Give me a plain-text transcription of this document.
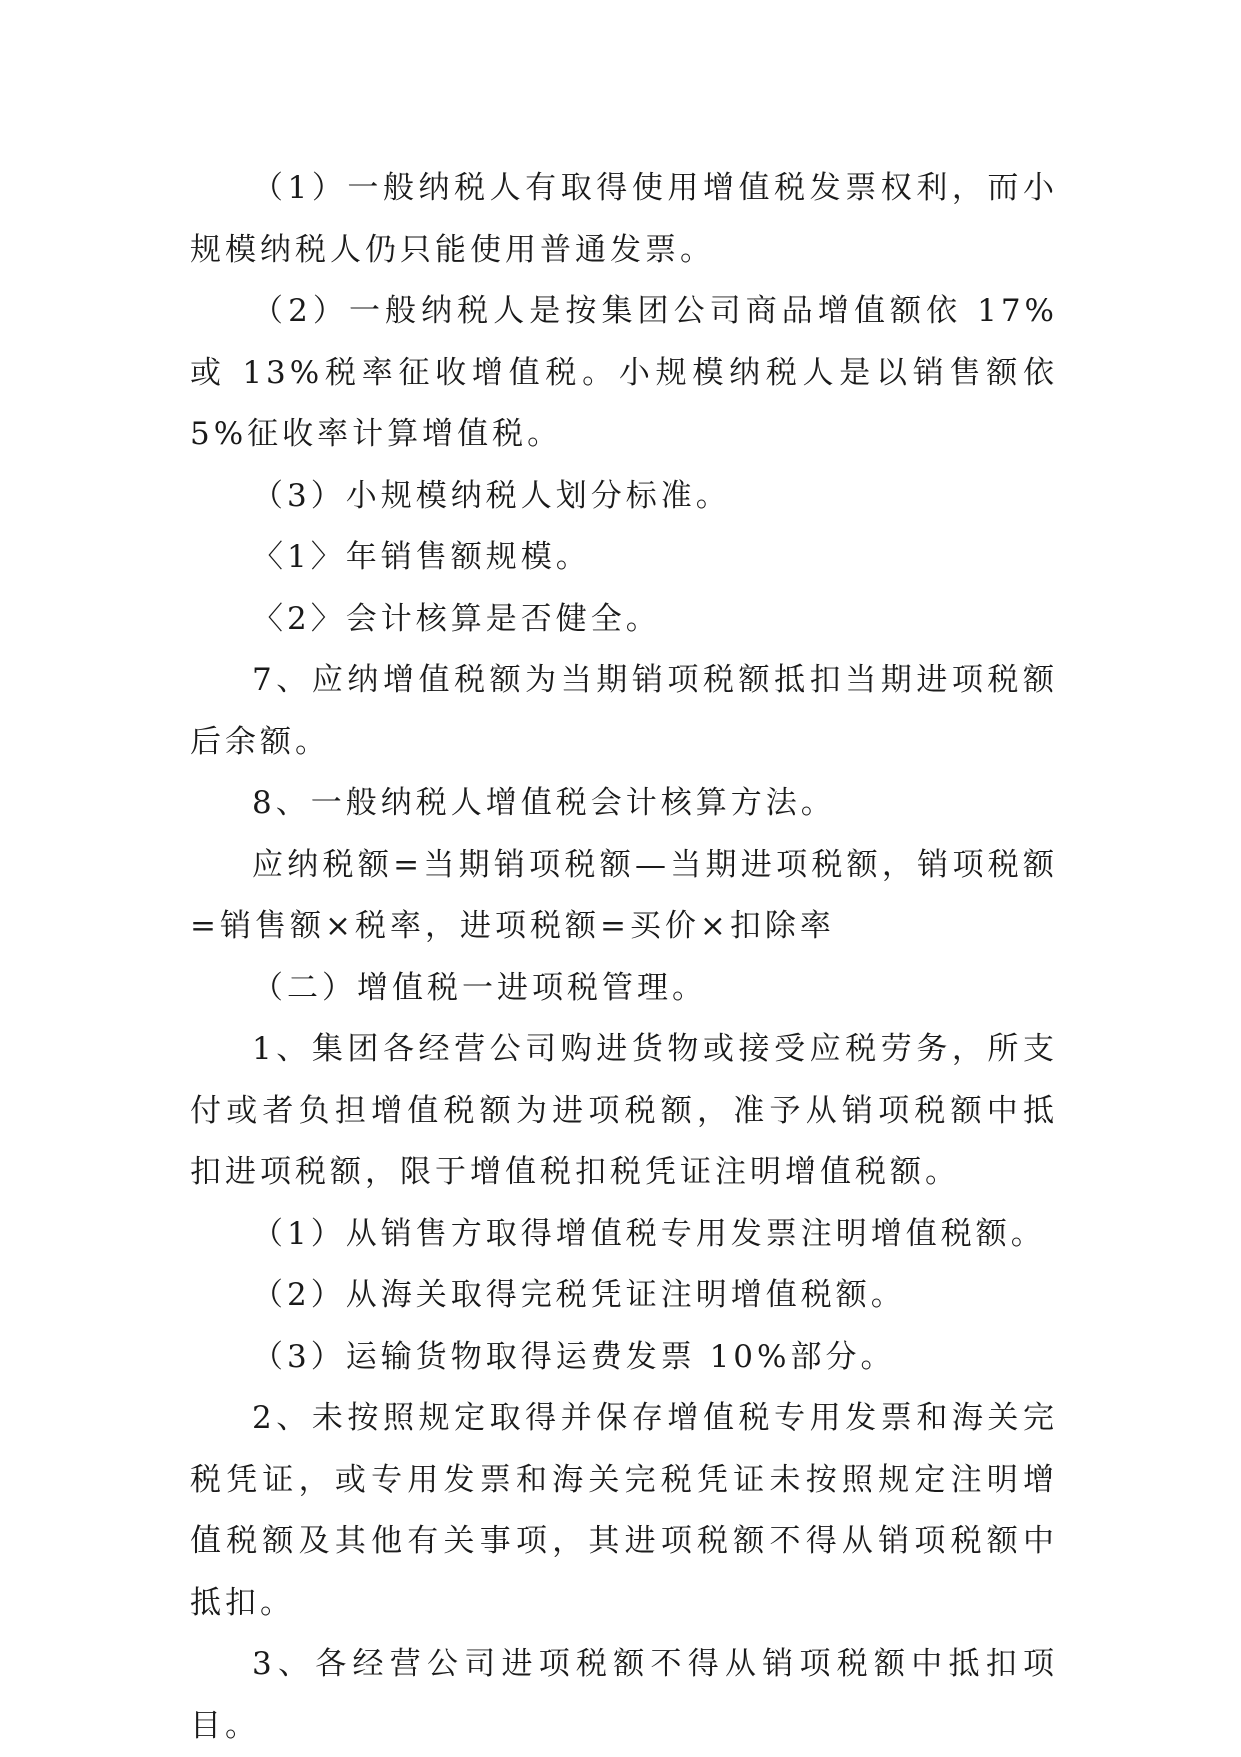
（1）一般纳税人有取得使用增值税发票权利，而小规模纳税人仍只能使用普通发票。

（2）一般纳税人是按集团公司商品增值额依 17%或 13%税率征收增值税。小规模纳税人是以销售额依 5%征收率计算增值税。

（3）小规模纳税人划分标准。

〈1〉年销售额规模。

〈2〉会计核算是否健全。

7、应纳增值税额为当期销项税额抵扣当期进项税额后余额。

8、一般纳税人增值税会计核算方法。

应纳税额=当期销项税额—当期进项税额，销项税额=销售额×税率，进项税额=买价×扣除率

（二）增值税一进项税管理。

1、集团各经营公司购进货物或接受应税劳务，所支付或者负担增值税额为进项税额，准予从销项税额中抵扣进项税额，限于增值税扣税凭证注明增值税额。

（1）从销售方取得增值税专用发票注明增值税额。

（2）从海关取得完税凭证注明增值税额。

（3）运输货物取得运费发票 10%部分。

2、未按照规定取得并保存增值税专用发票和海关完税凭证，或专用发票和海关完税凭证未按照规定注明增值税额及其他有关事项，其进项税额不得从销项税额中抵扣。

3、各经营公司进项税额不得从销项税额中抵扣项目。
